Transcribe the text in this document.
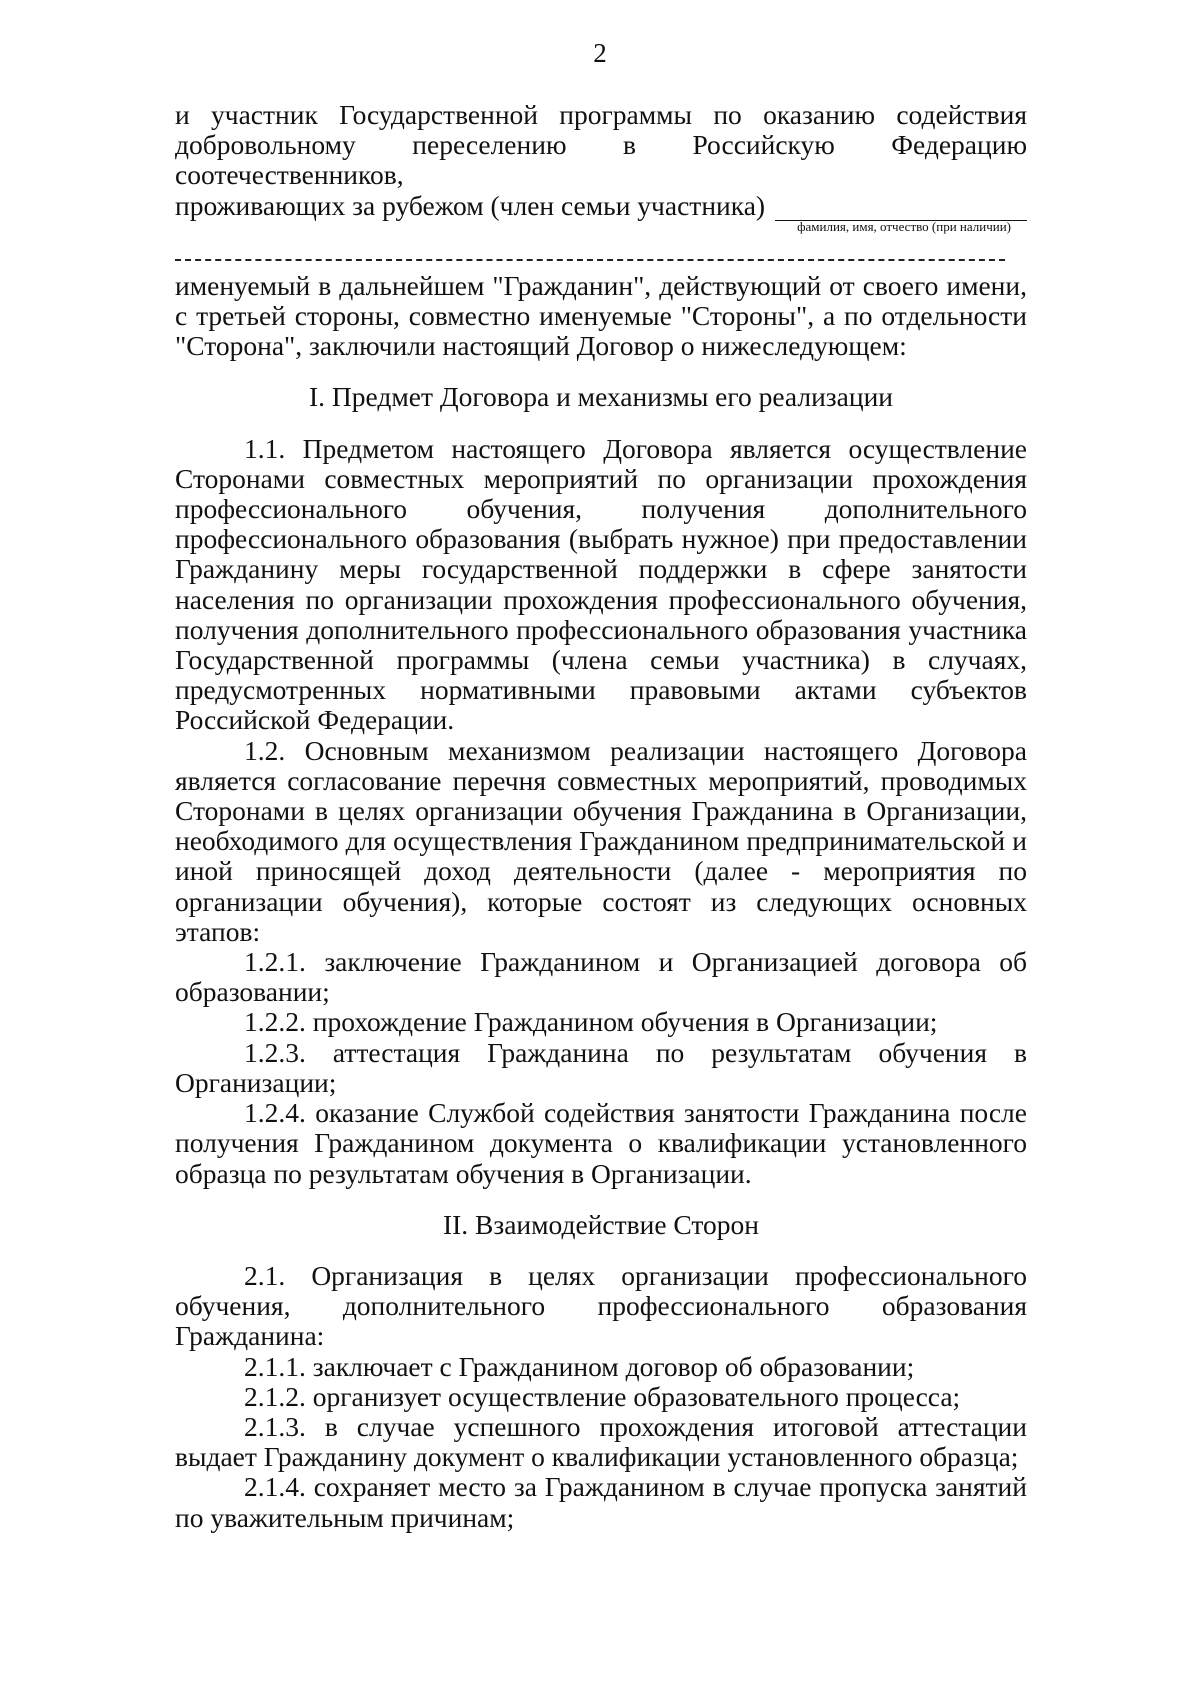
2

и участник Государственной программы по оказанию содействия

добровольному переселению в Российскую Федерацию соотечественников,

проживающих за рубежом (член семьи участника)
фамилия, имя, отчество (при наличии)

именуемый в дальнейшем "Гражданин", действующий от своего имени, с третьей стороны, совместно именуемые "Стороны", а по отдельности "Сторона", заключили настоящий Договор о нижеследующем:

I. Предмет Договора и механизмы его реализации

1.1. Предметом настоящего Договора является осуществление Сторонами совместных мероприятий по организации прохождения профессионального обучения, получения дополнительного профессионального образования (выбрать нужное) при предоставлении Гражданину меры государственной поддержки в сфере занятости населения по организации прохождения профессионального обучения, получения дополнительного профессионального образования участника Государственной программы (члена семьи участника) в случаях, предусмотренных нормативными правовыми актами субъектов Российской Федерации.

1.2. Основным механизмом реализации настоящего Договора является согласование перечня совместных мероприятий, проводимых Сторонами в целях организации обучения Гражданина в Организации, необходимого для осуществления Гражданином предпринимательской и иной приносящей доход деятельности (далее - мероприятия по организации обучения), которые состоят из следующих основных этапов:

1.2.1. заключение Гражданином и Организацией договора об образовании;

1.2.2. прохождение Гражданином обучения в Организации;

1.2.3. аттестация Гражданина по результатам обучения в Организации;

1.2.4. оказание Службой содействия занятости Гражданина после получения Гражданином документа о квалификации установленного образца по результатам обучения в Организации.

II. Взаимодействие Сторон

2.1. Организация в целях организации профессионального обучения, дополнительного профессионального образования Гражданина:

2.1.1. заключает с Гражданином договор об образовании;

2.1.2. организует осуществление образовательного процесса;

2.1.3. в случае успешного прохождения итоговой аттестации выдает Гражданину документ о квалификации установленного образца;

2.1.4. сохраняет место за Гражданином в случае пропуска занятий по уважительным причинам;
